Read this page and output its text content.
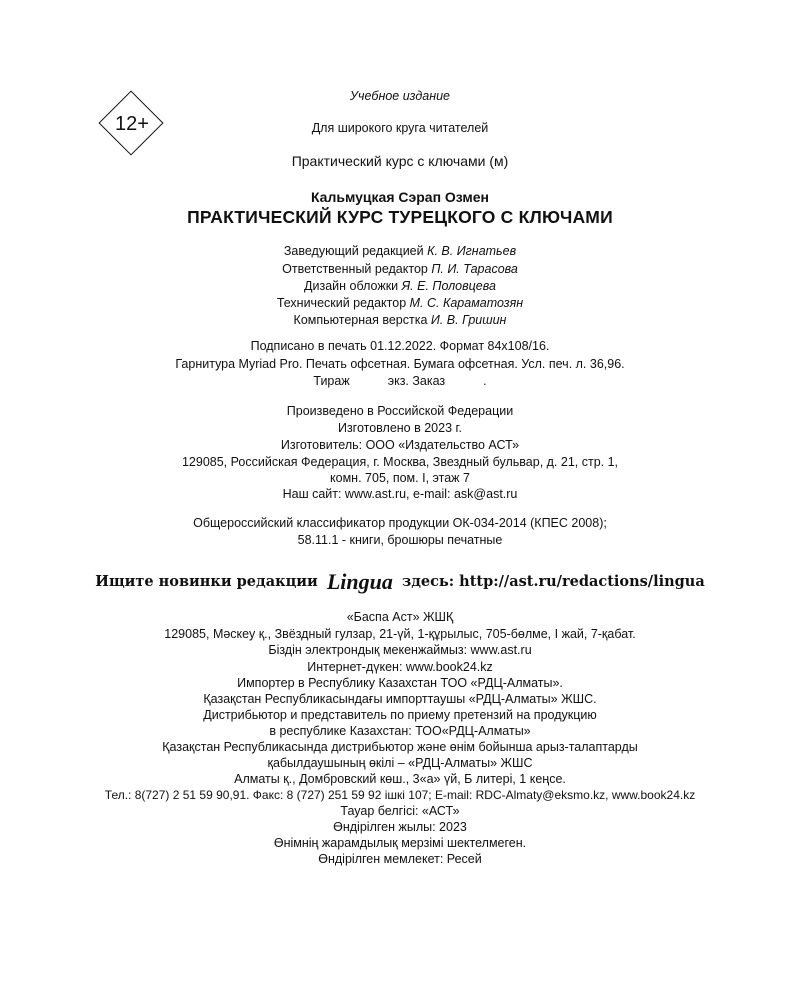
12+
Учебное издание
Для широкого круга читателей
Практический курс с ключами (м)
Кальмуцкая Сэрап Озмен
ПРАКТИЧЕСКИЙ КУРС ТУРЕЦКОГО С КЛЮЧАМИ
Заведующий редакцией К. В. Игнатьев
Ответственный редактор П. И. Тарасова
Дизайн обложки Я. Е. Половцева
Технический редактор М. С. Караматозян
Компьютерная верстка И. В. Гришин
Подписано в печать 01.12.2022. Формат 84х108/16.
Гарнитура Myriad Pro. Печать офсетная. Бумага офсетная. Усл. печ. л. 36,96.
Тираж	экз. Заказ	.
Произведено в Российской Федерации
Изготовлено в 2023 г.
Изготовитель: ООО «Издательство АСТ»
129085, Российская Федерация, г. Москва, Звездный бульвар, д. 21, стр. 1,
комн. 705, пом. I, этаж 7
Наш сайт: www.ast.ru, e-mail: ask@ast.ru
Общероссийский классификатор продукции ОК-034-2014 (КПЕС 2008);
58.11.1 - книги, брошюры печатные
Ищите новинки редакции Lingua здесь: http://ast.ru/redactions/lingua
«Баспа Аст» ЖШҚ
129085, Мәскеу қ., Звёздный гулзар, 21-үй, 1-құрылыс, 705-бөлме, I жай, 7-қабат.
Біздін электрондық мекенжаймыз: www.ast.ru
Интернет-дүкен: www.book24.kz
Импортер в Республику Казахстан ТОО «РДЦ-Алматы».
Қазақстан Республикасындағы импорттаушы «РДЦ-Алматы» ЖШС.
Дистрибьютор и представитель по приему претензий на продукцию
в республике Казахстан: ТОО«РДЦ-Алматы»
Қазақстан Республикасында дистрибьютор және өнім бойынша арыз-талаптарды
қабылдаушының өкілі – «РДЦ-Алматы» ЖШС
Алматы қ., Домбровский көш., 3«а» үй, Б литері, 1 кеңсе.
Тел.: 8(727) 2 51 59 90,91. Факс: 8 (727) 251 59 92 ішкі 107; E-mail: RDC-Almaty@eksmo.kz, www.book24.kz
Тауар белгісі: «АСТ»
Өндірілген жылы: 2023
Өнімнің жарамдылық мерзімі шектелмеген.
Өндірілген мемлекет: Ресей
